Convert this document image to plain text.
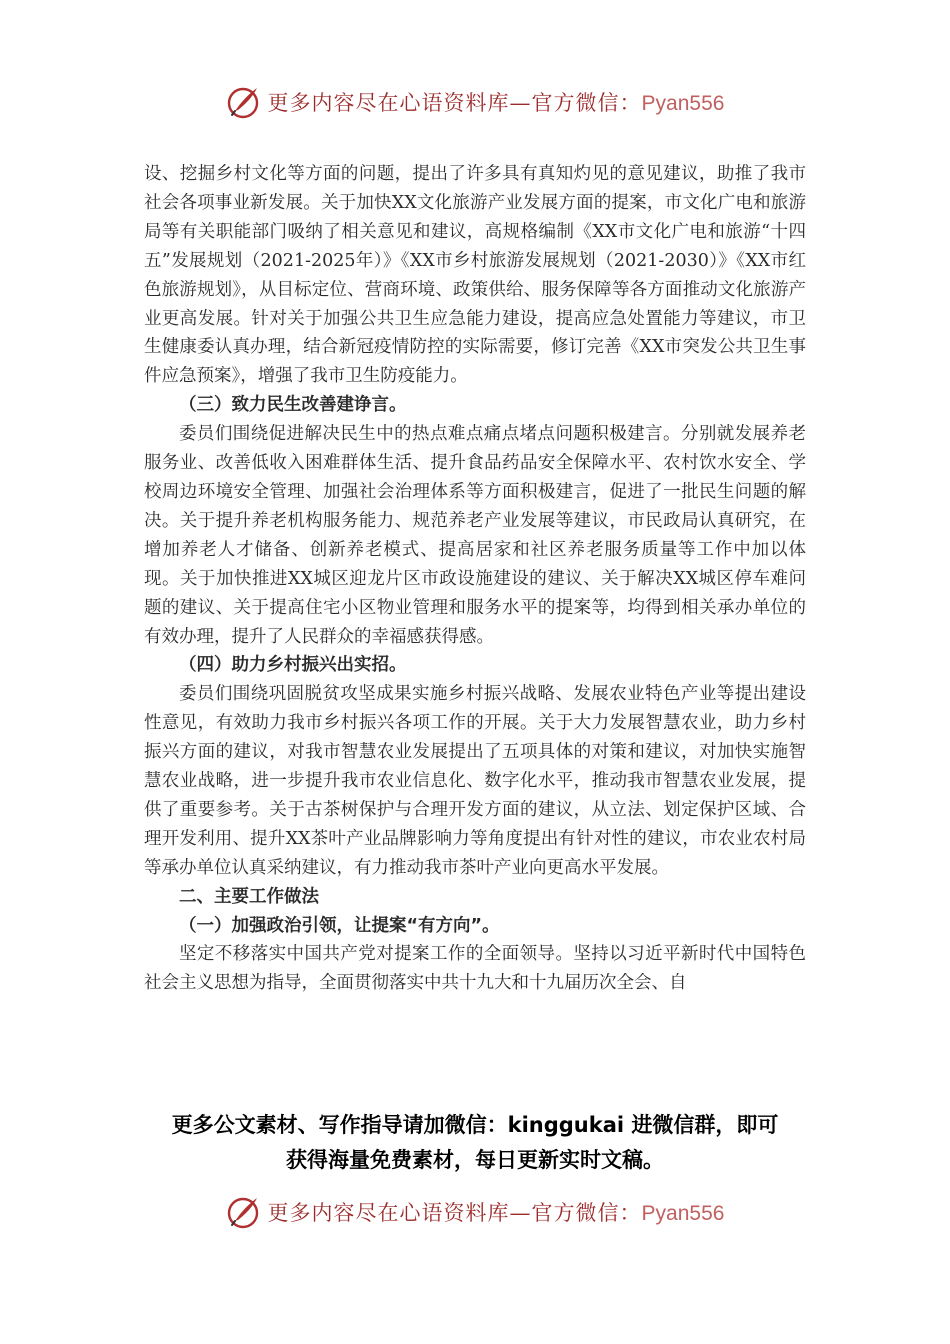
更多内容尽在心语资料库—官方微信：Pyan556

设、挖掘乡村文化等方面的问题，提出了许多具有真知灼见的意见建议，助推了我市社会各项事业新发展。关于加快XX文化旅游产业发展方面的提案，市文化广电和旅游局等有关职能部门吸纳了相关意见和建议，高规格编制《XX市文化广电和旅游“十四五”发展规划（2021-2025年）》《XX市乡村旅游发展规划（2021-2030）》《XX市红色旅游规划》，从目标定位、营商环境、政策供给、服务保障等各方面推动文化旅游产业更高发展。针对关于加强公共卫生应急能力建设，提高应急处置能力等建议，市卫生健康委认真办理，结合新冠疫情防控的实际需要，修订完善《XX市突发公共卫生事件应急预案》，增强了我市卫生防疫能力。

（三）致力民生改善建诤言。

委员们围绕促进解决民生中的热点难点痛点堵点问题积极建言。分别就发展养老服务业、改善低收入困难群体生活、提升食品药品安全保障水平、农村饮水安全、学校周边环境安全管理、加强社会治理体系等方面积极建言，促进了一批民生问题的解决。关于提升养老机构服务能力、规范养老产业发展等建议，市民政局认真研究，在增加养老人才储备、创新养老模式、提高居家和社区养老服务质量等工作中加以体现。关于加快推进XX城区迎龙片区市政设施建设的建议、关于解决XX城区停车难问题的建议、关于提高住宅小区物业管理和服务水平的提案等，均得到相关承办单位的有效办理，提升了人民群众的幸福感获得感。

（四）助力乡村振兴出实招。

委员们围绕巩固脱贫攻坚成果实施乡村振兴战略、发展农业特色产业等提出建设性意见，有效助力我市乡村振兴各项工作的开展。关于大力发展智慧农业，助力乡村振兴方面的建议，对我市智慧农业发展提出了五项具体的对策和建议，对加快实施智慧农业战略，进一步提升我市农业信息化、数字化水平，推动我市智慧农业发展，提供了重要参考。关于古茶树保护与合理开发方面的建议，从立法、划定保护区域、合理开发利用、提升XX茶叶产业品牌影响力等角度提出有针对性的建议，市农业农村局等承办单位认真采纳建议，有力推动我市茶叶产业向更高水平发展。

二、主要工作做法

（一）加强政治引领，让提案“有方向”。

坚定不移落实中国共产党对提案工作的全面领导。坚持以习近平新时代中国特色社会主义思想为指导，全面贯彻落实中共十九大和十九届历次全会、自

更多公文素材、写作指导请加微信：kinggukai 进微信群，即可
获得海量免费素材，每日更新实时文稿。
更多内容尽在心语资料库—官方微信：Pyan556
